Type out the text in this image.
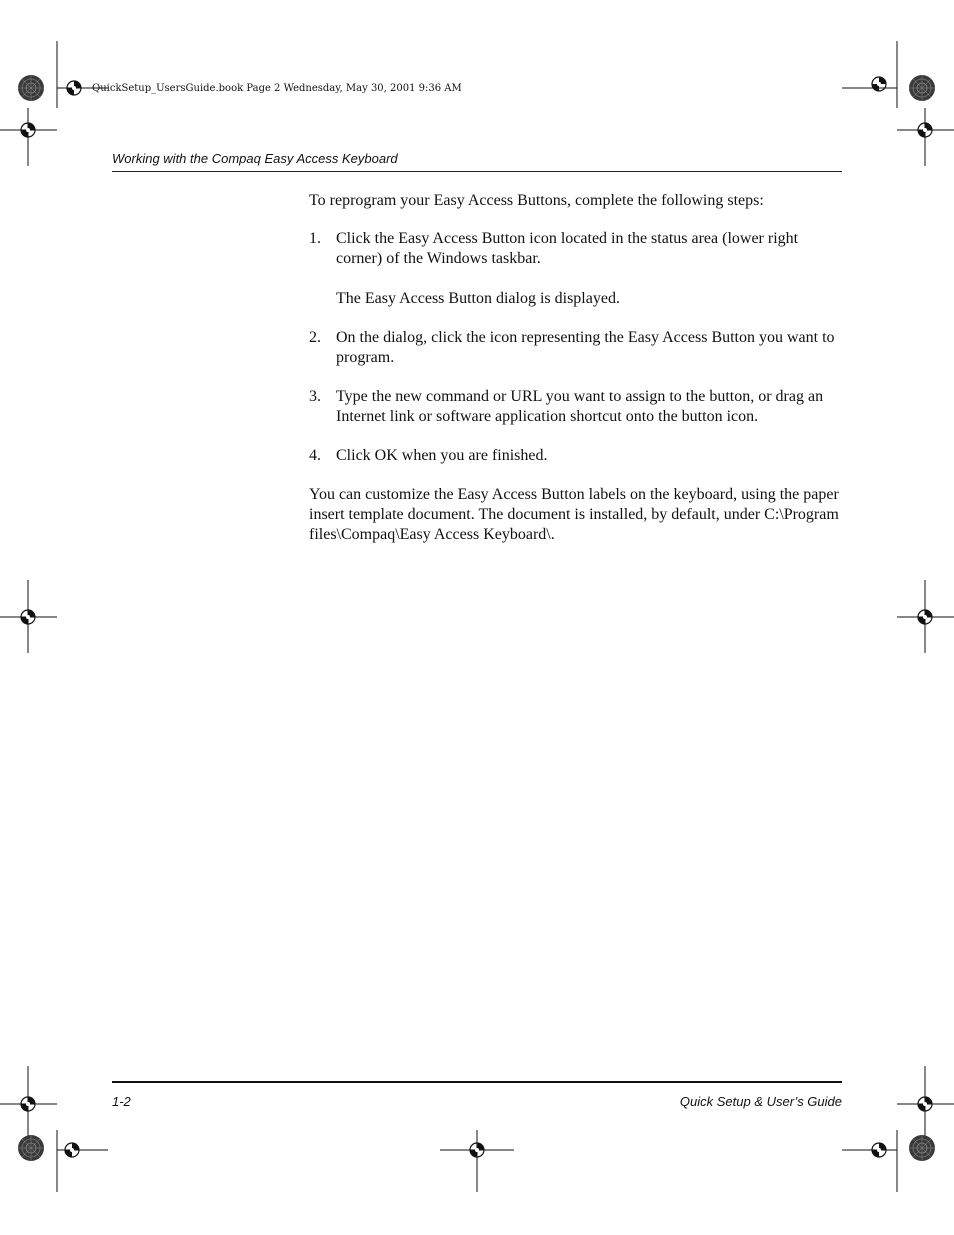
QuickSetup_UsersGuide.book Page 2 Wednesday, May 30, 2001 9:36 AM
Working with the Compaq Easy Access Keyboard

To reprogram your Easy Access Buttons, complete the following steps:

1. Click the Easy Access Button icon located in the status area (lower right corner) of the Windows taskbar.

The Easy Access Button dialog is displayed.

2. On the dialog, click the icon representing the Easy Access Button you want to program.

3. Type the new command or URL you want to assign to the button, or drag an Internet link or software application shortcut onto the button icon.

4. Click OK when you are finished.

You can customize the Easy Access Button labels on the keyboard, using the paper insert template document. The document is installed, by default, under C:\Program files\Compaq\Easy Access Keyboard\.

1-2	Quick Setup & User’s Guide
